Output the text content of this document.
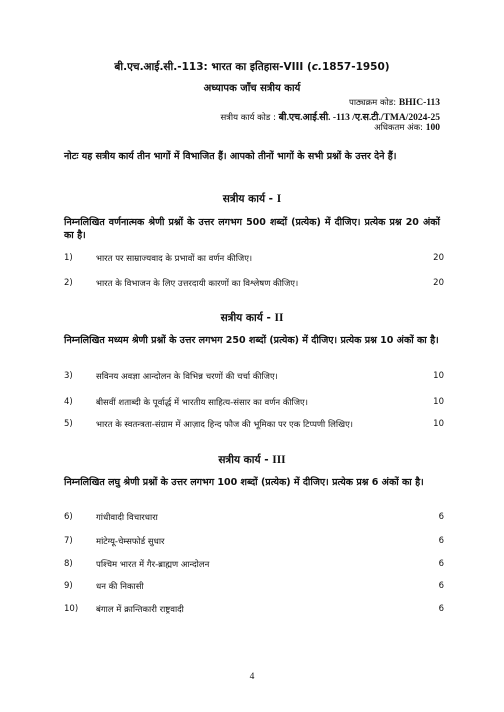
बी.एच.आई.सी.-113: भारत का इतिहास-VIII (c.1857-1950)
अध्यापक जाँच सत्रीय कार्य
पाठ्यक्रम कोड: BHIC-113
सत्रीय कार्य कोड : बी.एच.आई.सी. -113 /ए.स.टी./TMA/2024-25
अधिकतम अंक: 100
नोटः यह सत्रीय कार्य तीन भागों में विभाजित हैं। आपको तीनों भागों के सभी प्रश्नों के उत्तर देने हैं।
सत्रीय कार्य - I
निम्नलिखित वर्णनात्मक श्रेणी प्रश्नों के उत्तर लगभग 500 शब्दों (प्रत्येक) में दीजिए। प्रत्येक प्रश्न 20 अंकों का है।
1)	भारत पर साम्राज्यवाद के प्रभावों का वर्णन कीजिए।	20
2)	भारत के विभाजन के लिए उत्तरदायी कारणों का विश्लेषण कीजिए।	20
सत्रीय कार्य - II
निम्नलिखित मध्यम श्रेणी प्रश्नों के उत्तर लगभग 250 शब्दों (प्रत्येक) में दीजिए। प्रत्येक प्रश्न 10 अंकों का है।
3)	सविनय अवज्ञा आन्दोलन के विभिन्न चरणों की चर्चा कीजिए।	10
4)	बीसवीं शताब्दी के पूर्वार्द्ध में भारतीय साहित्य-संसार का वर्णन कीजिए।	10
5)	भारत के स्वतन्त्रता-संग्राम में आज़ाद हिन्द फौज की भूमिका पर एक टिप्पणी लिखिए।	10
सत्रीय कार्य - III
निम्नलिखित लघु श्रेणी प्रश्नों के उत्तर लगभग 100 शब्दों (प्रत्येक) में दीजिए। प्रत्येक प्रश्न 6 अंकों का है।
6)	गांधीवादी विचारधारा	6
7)	मांटेग्यू-चेम्सफोर्ड सुधार	6
8)	पश्चिम भारत में गैर-ब्राह्मण आन्दोलन	6
9)	धन की निकासी	6
10) बंगाल में क्रान्तिकारी राष्ट्रवादी	6
4
